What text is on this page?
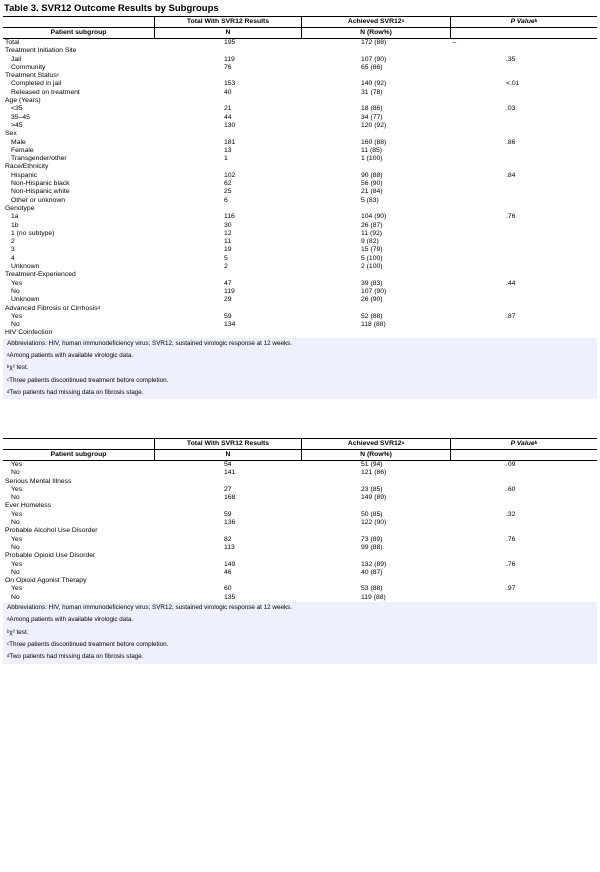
Table 3. SVR12 Outcome Results by Subgroups
Total With SVR12 Results	Achieved SVR12$^a$	P Value$^b$
Patient subgroup	N	N (Row%)
Total	195	172 (88)	--
Treatment Initiation Site
Jail	119	107 (90)	.35
Community	76	65 (86)
Treatment Status$^c$
Completed in jail	153	140 (92)	<.01
Released on treatment	40	31 (78)
Age (Years)
<35	21	18 (86)	.03
35–45	44	34 (77)
>45	130	120 (92)
Sex
Male	181	160 (88)	.86
Female	13	11 (85)
Transgender/other	1	1 (100)
Race/Ethnicity
Hispanic	102	90 (88)	.84
Non-Hispanic black	62	56 (90)
Non-Hispanic white	25	21 (84)
Other or unknown	6	5 (83)
Genotype
1a	116	104 (90)	.76
1b	30	26 (87)
1 (no subtype)	12	11 (92)
2	11	9 (82)
3	19	15 (79)
4	5	5 (100)
Unknown	2	2 (100)
Treatment-Experienced
Yes	47	39 (83)	.44
No	119	107 (90)
Unknown	29	26 (90)
Advanced Fibrosis or Cirrhosis$^d$
Yes	59	52 (88)	.87
No	134	118 (88)
HIV Coinfection
Abbreviations: HIV, human immunodeficiency virus; SVR12, sustained virologic response at 12 weeks.
$^a$Among patients with available virologic data.
$^b$χ² test.
$^c$Three patients discontinued treatment before completion.
$^d$Two patients had missing data on fibrosis stage.
Total With SVR12 Results	Achieved SVR12$^a$	P Value$^b$
Patient subgroup	N	N (Row%)
Yes	54	51 (94)	.09
No	141	121 (86)
Serious Mental Illness
Yes	27	23 (85)	.60
No	168	149 (89)
Ever Homeless
Yes	59	50 (85)	.32
No	136	122 (90)
Probable Alcohol Use Disorder
Yes	82	73 (89)	.76
No	113	99 (88)
Probable Opioid Use Disorder
Yes	149	132 (89)	.76
No	46	40 (87)
On Opioid Agonist Therapy
Yes	60	53 (88)	.97
No	135	119 (88)
Abbreviations: HIV, human immunodeficiency virus; SVR12, sustained virologic response at 12 weeks.
$^a$Among patients with available virologic data.
$^b$χ² test.
$^c$Three patients discontinued treatment before completion.
$^d$Two patients had missing data on fibrosis stage.
